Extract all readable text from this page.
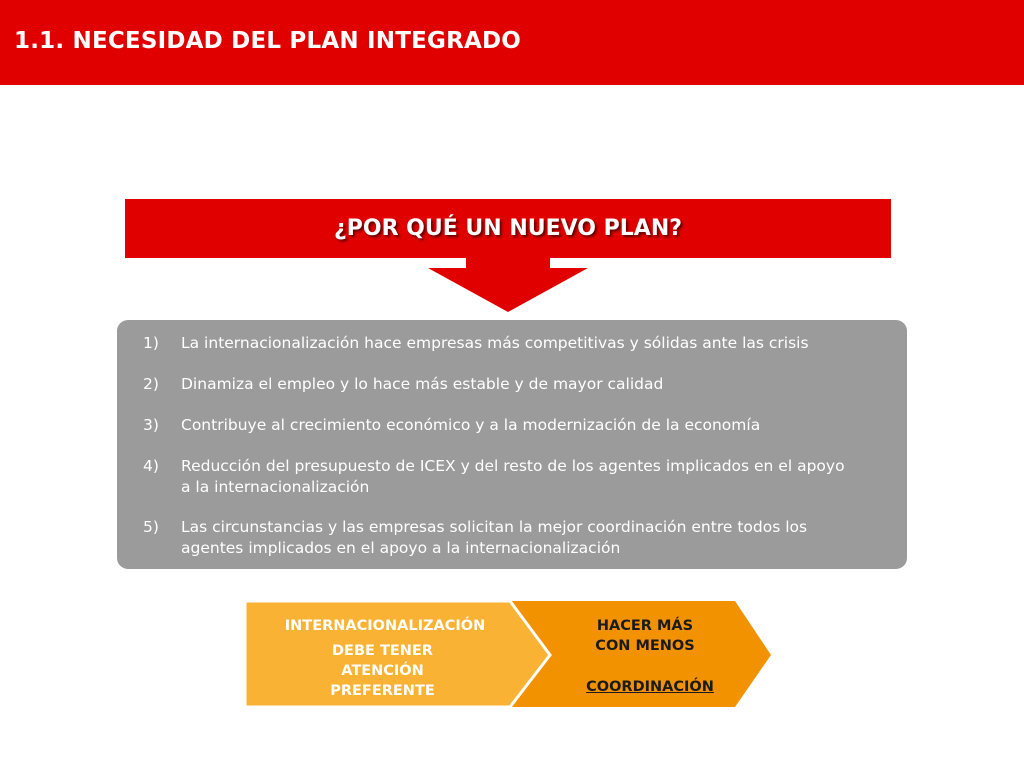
1.1. NECESIDAD DEL PLAN INTEGRADO
¿POR QUÉ UN NUEVO PLAN?
1) La internacionalización hace empresas más competitivas y sólidas ante las crisis
2) Dinamiza el empleo y lo hace más estable y de mayor calidad
3) Contribuye al crecimiento económico y a la modernización de la economía
4) Reducción del presupuesto de ICEX y del resto de los agentes implicados en el apoyo
a la internacionalización
5) Las circunstancias y las empresas solicitan la mejor coordinación entre todos los
agentes implicados en el apoyo a la internacionalización
INTERNACIONALIZACIÓN
DEBE TENER
ATENCIÓN
PREFERENTE
HACER MÁS
CON MENOS
COORDINACIÓN
